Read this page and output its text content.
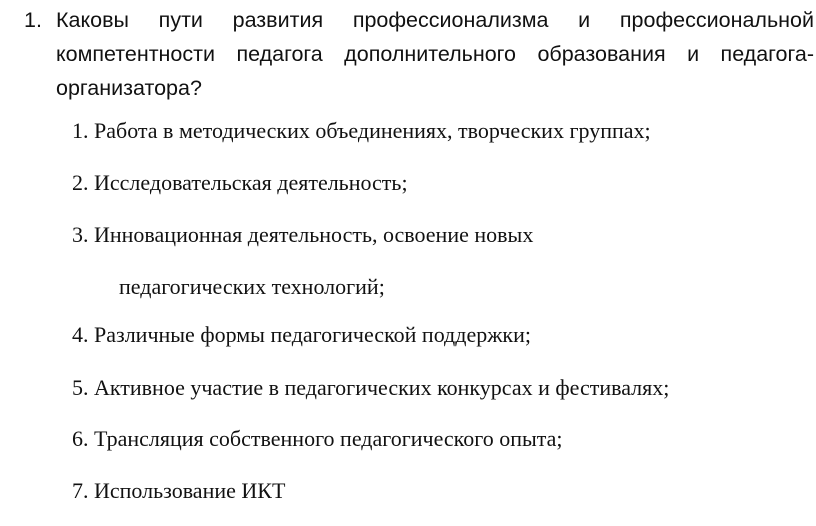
1. Каковы пути развития профессионализма и профессиональной компетентности педагога дополнительного образования и педагога-организатора?
1. Работа в методических объединениях, творческих группах;
2. Исследовательская деятельность;
3. Инновационная деятельность, освоение новых
педагогических технологий;
4. Различные формы педагогической поддержки;
5. Активное участие в педагогических конкурсах и фестивалях;
6. Трансляция собственного педагогического опыта;
7. Использование ИКТ
